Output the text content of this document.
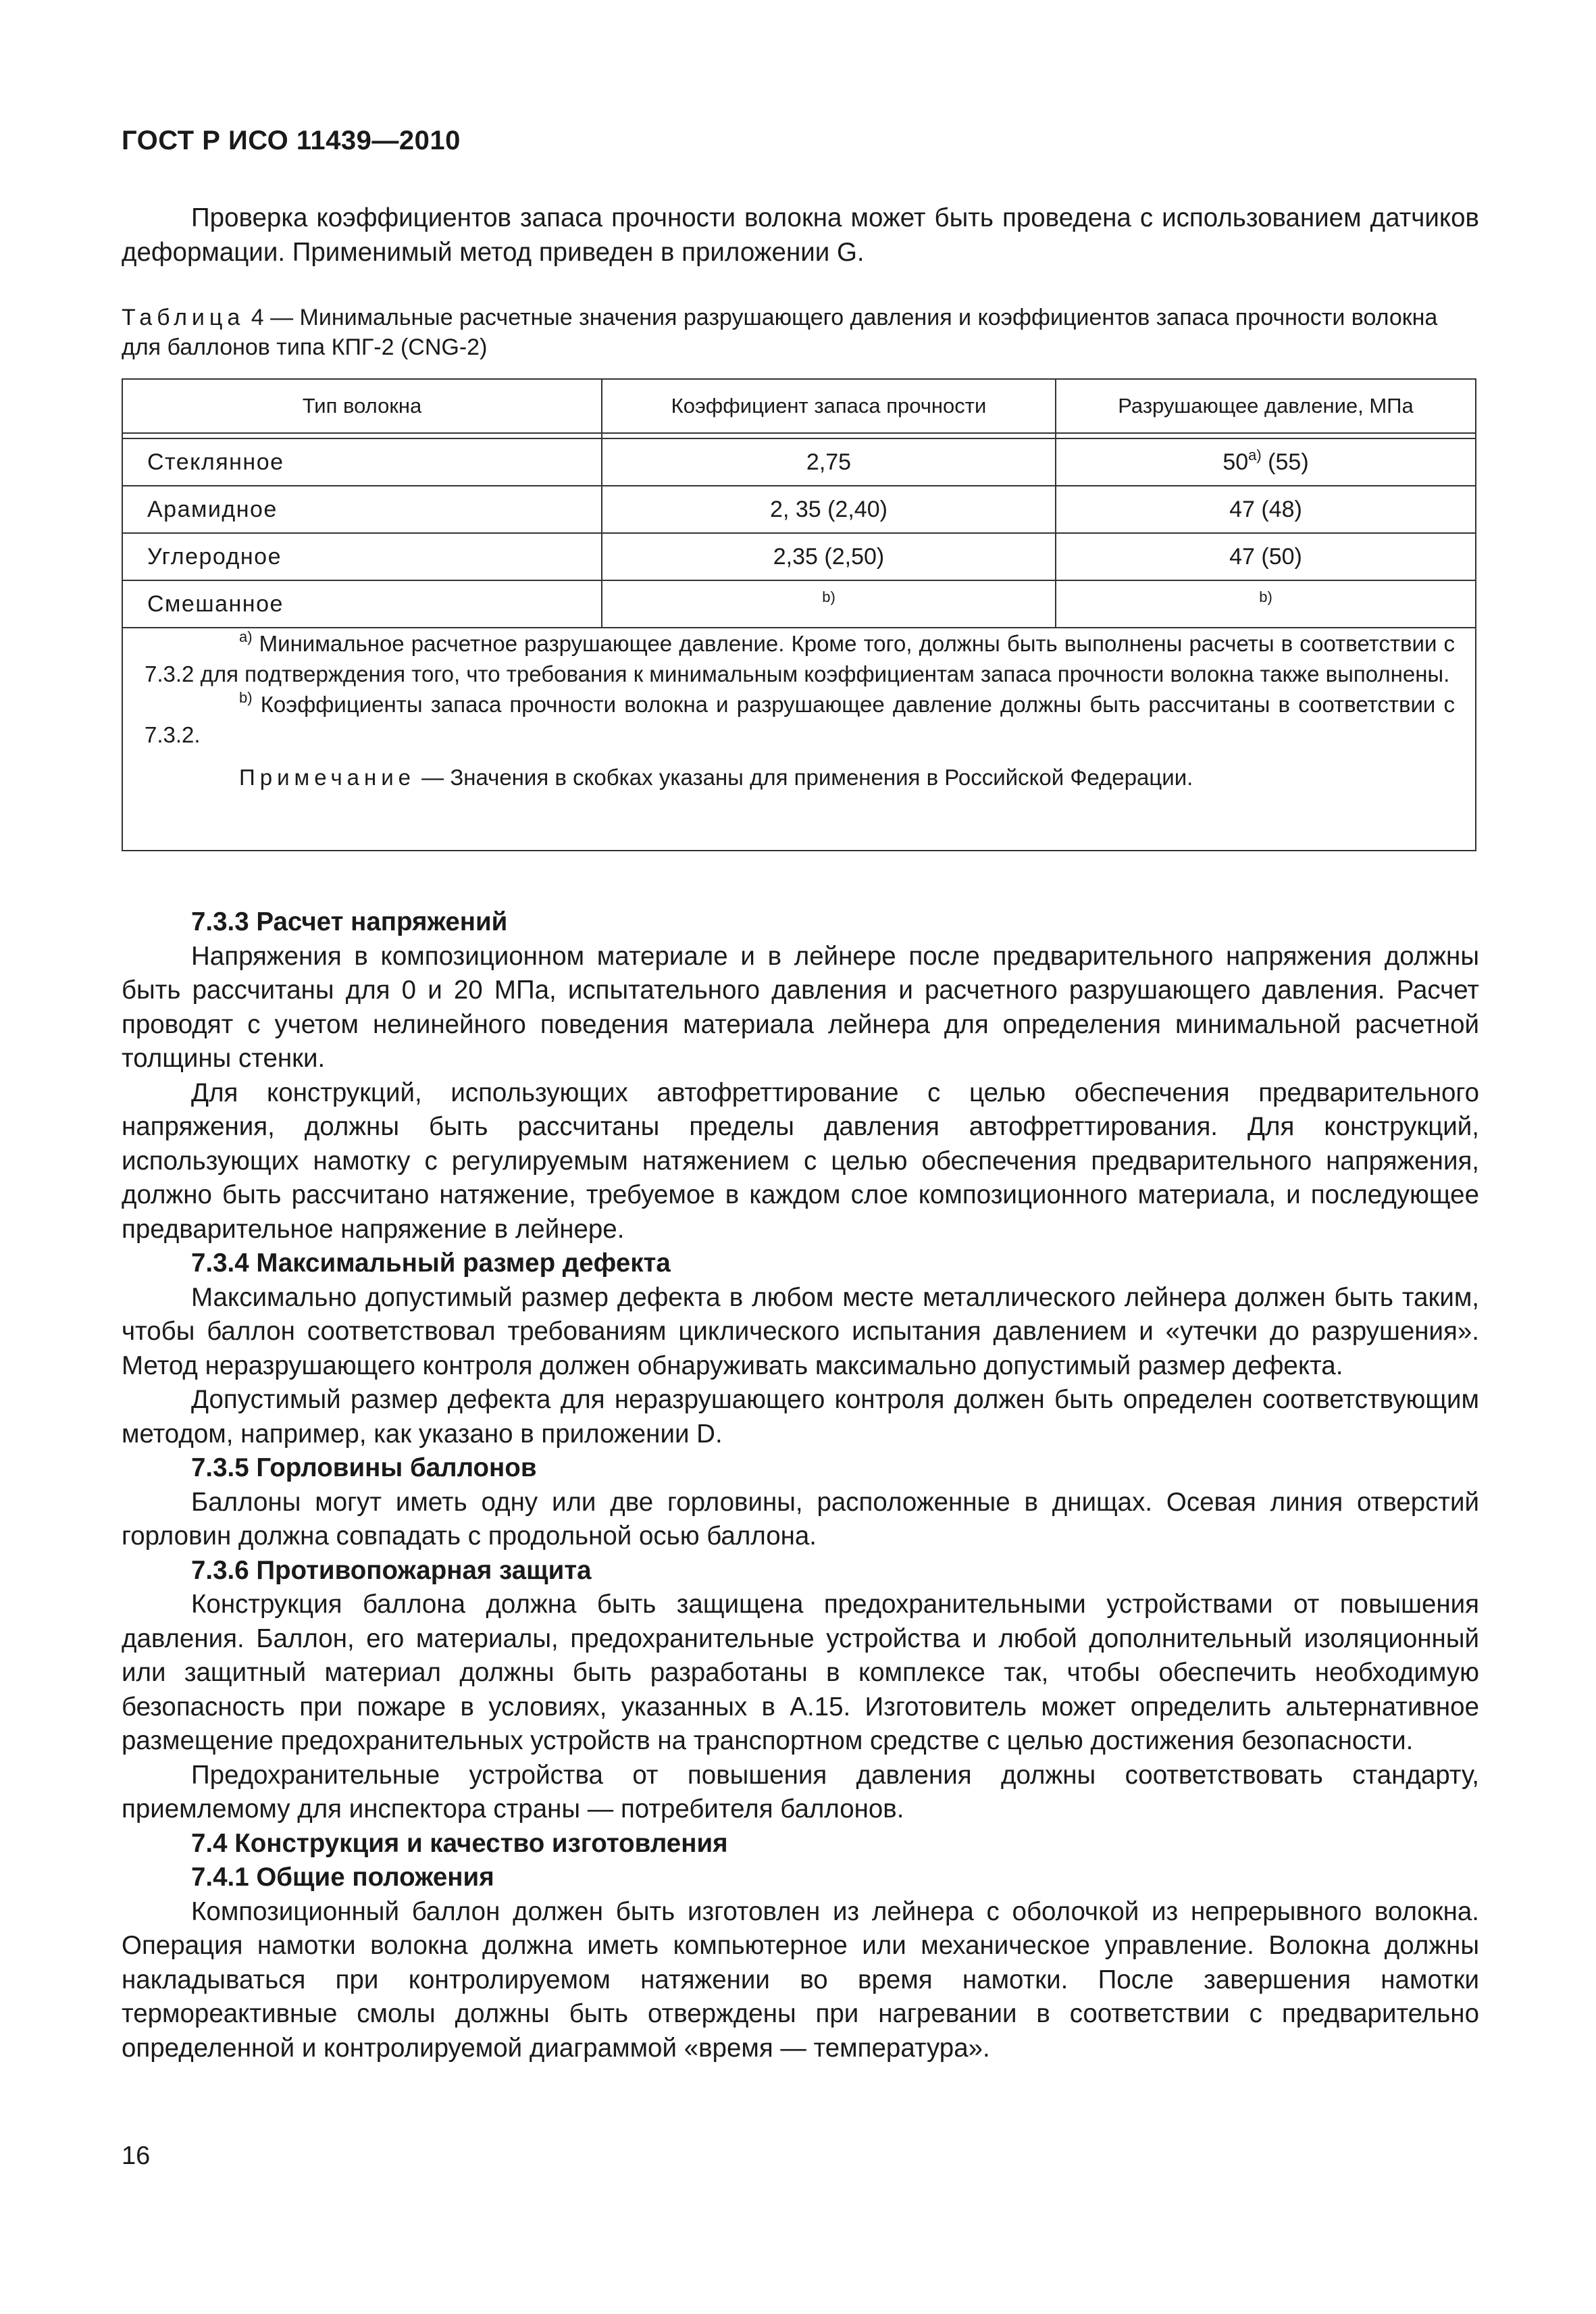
ГОСТ Р ИСО 11439—2010

Проверка коэффициентов запаса прочности волокна может быть проведена с использованием датчиков деформации. Применимый метод приведен в приложении G.

Таблица 4 — Минимальные расчетные значения разрушающего давления и коэффициентов запаса прочности волокна для баллонов типа КПГ-2 (CNG-2)
Тип волокна	Коэффициент запаса прочности	Разрушающее давление, МПа

Стеклянное	2,75	50$^{a)}$ (55)
Арамидное	2, 35 (2,40)	47 (48)
Углеродное	2,35 (2,50)	47 (50)
Смешанное	$^{b)}$	$^{b)}$

$^{a)}$ Минимальное расчетное разрушающее давление. Кроме того, должны быть выполнены расчеты в соответствии с 7.3.2 для подтверждения того, что требования к минимальным коэффициентам запаса прочности волокна также выполнены.

$^{b)}$ Коэффициенты запаса прочности волокна и разрушающее давление должны быть рассчитаны в соответствии с 7.3.2.

Примечание — Значения в скобках указаны для применения в Российской Федерации.

7.3.3 Расчет напряжений

Напряжения в композиционном материале и в лейнере после предварительного напряжения должны быть рассчитаны для 0 и 20 МПа, испытательного давления и расчетного разрушающего давления. Расчет проводят с учетом нелинейного поведения материала лейнера для определения минимальной расчетной толщины стенки.

Для конструкций, использующих автофреттирование с целью обеспечения предварительного напряжения, должны быть рассчитаны пределы давления автофреттирования. Для конструкций, использующих намотку с регулируемым натяжением с целью обеспечения предварительного напряжения, должно быть рассчитано натяжение, требуемое в каждом слое композиционного материала, и последующее предварительное напряжение в лейнере.

7.3.4 Максимальный размер дефекта

Максимально допустимый размер дефекта в любом месте металлического лейнера должен быть таким, чтобы баллон соответствовал требованиям циклического испытания давлением и «утечки до разрушения». Метод неразрушающего контроля должен обнаруживать максимально допустимый размер дефекта.

Допустимый размер дефекта для неразрушающего контроля должен быть определен соответствующим методом, например, как указано в приложении D.

7.3.5 Горловины баллонов

Баллоны могут иметь одну или две горловины, расположенные в днищах. Осевая линия отверстий горловин должна совпадать с продольной осью баллона.

7.3.6 Противопожарная защита

Конструкция баллона должна быть защищена предохранительными устройствами от повышения давления. Баллон, его материалы, предохранительные устройства и любой дополнительный изоляционный или защитный материал должны быть разработаны в комплексе так, чтобы обеспечить необходимую безопасность при пожаре в условиях, указанных в А.15. Изготовитель может определить альтернативное размещение предохранительных устройств на транспортном средстве с целью достижения безопасности.

Предохранительные устройства от повышения давления должны соответствовать стандарту, приемлемому для инспектора страны — потребителя баллонов.

7.4 Конструкция и качество изготовления

7.4.1 Общие положения

Композиционный баллон должен быть изготовлен из лейнера с оболочкой из непрерывного волокна. Операция намотки волокна должна иметь компьютерное или механическое управление. Волокна должны накладываться при контролируемом натяжении во время намотки. После завершения намотки термореактивные смолы должны быть отверждены при нагревании в соответствии с предварительно определенной и контролируемой диаграммой «время — температура».

16
